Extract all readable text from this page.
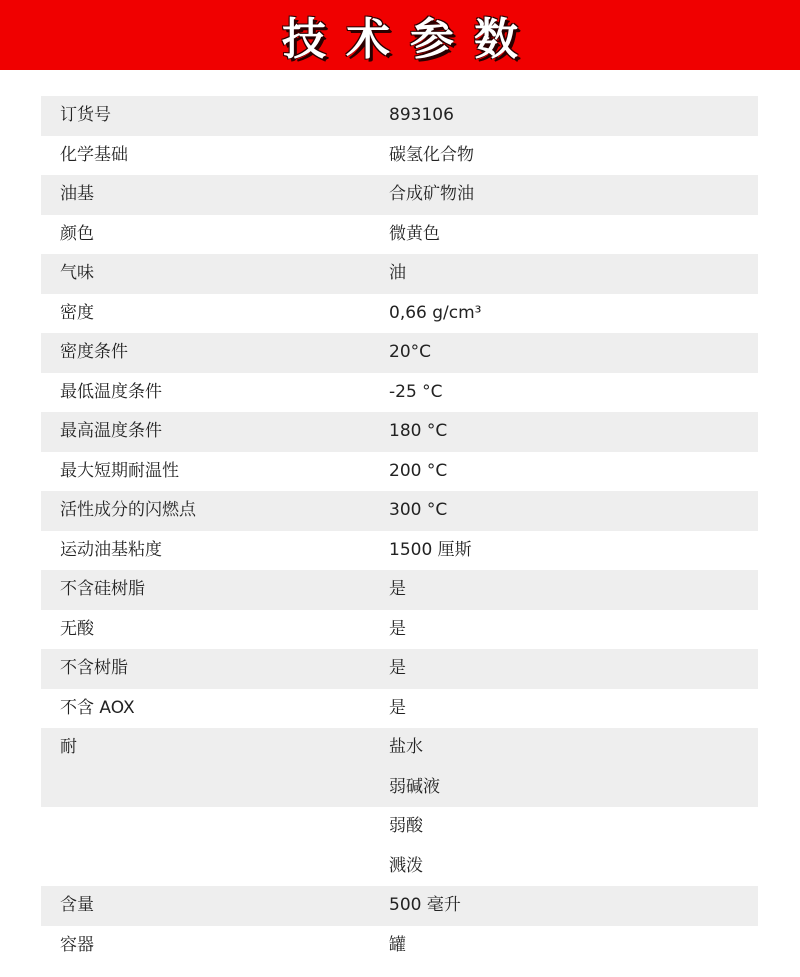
技术参数
订货号	893106
化学基础	碳氢化合物
油基	合成矿物油
颜色	微黄色
气味	油
密度	0,66 g/cm³
密度条件	20°C
最低温度条件	-25 °C
最高温度条件	180 °C
最大短期耐温性	200 °C
活性成分的闪燃点	300 °C
运动油基粘度	1500 厘斯
不含硅树脂	是
无酸	是
不含树脂	是
不含 AOX	是
耐	盐水
弱碱液
弱酸
溅泼
含量	500 毫升
容器	罐
